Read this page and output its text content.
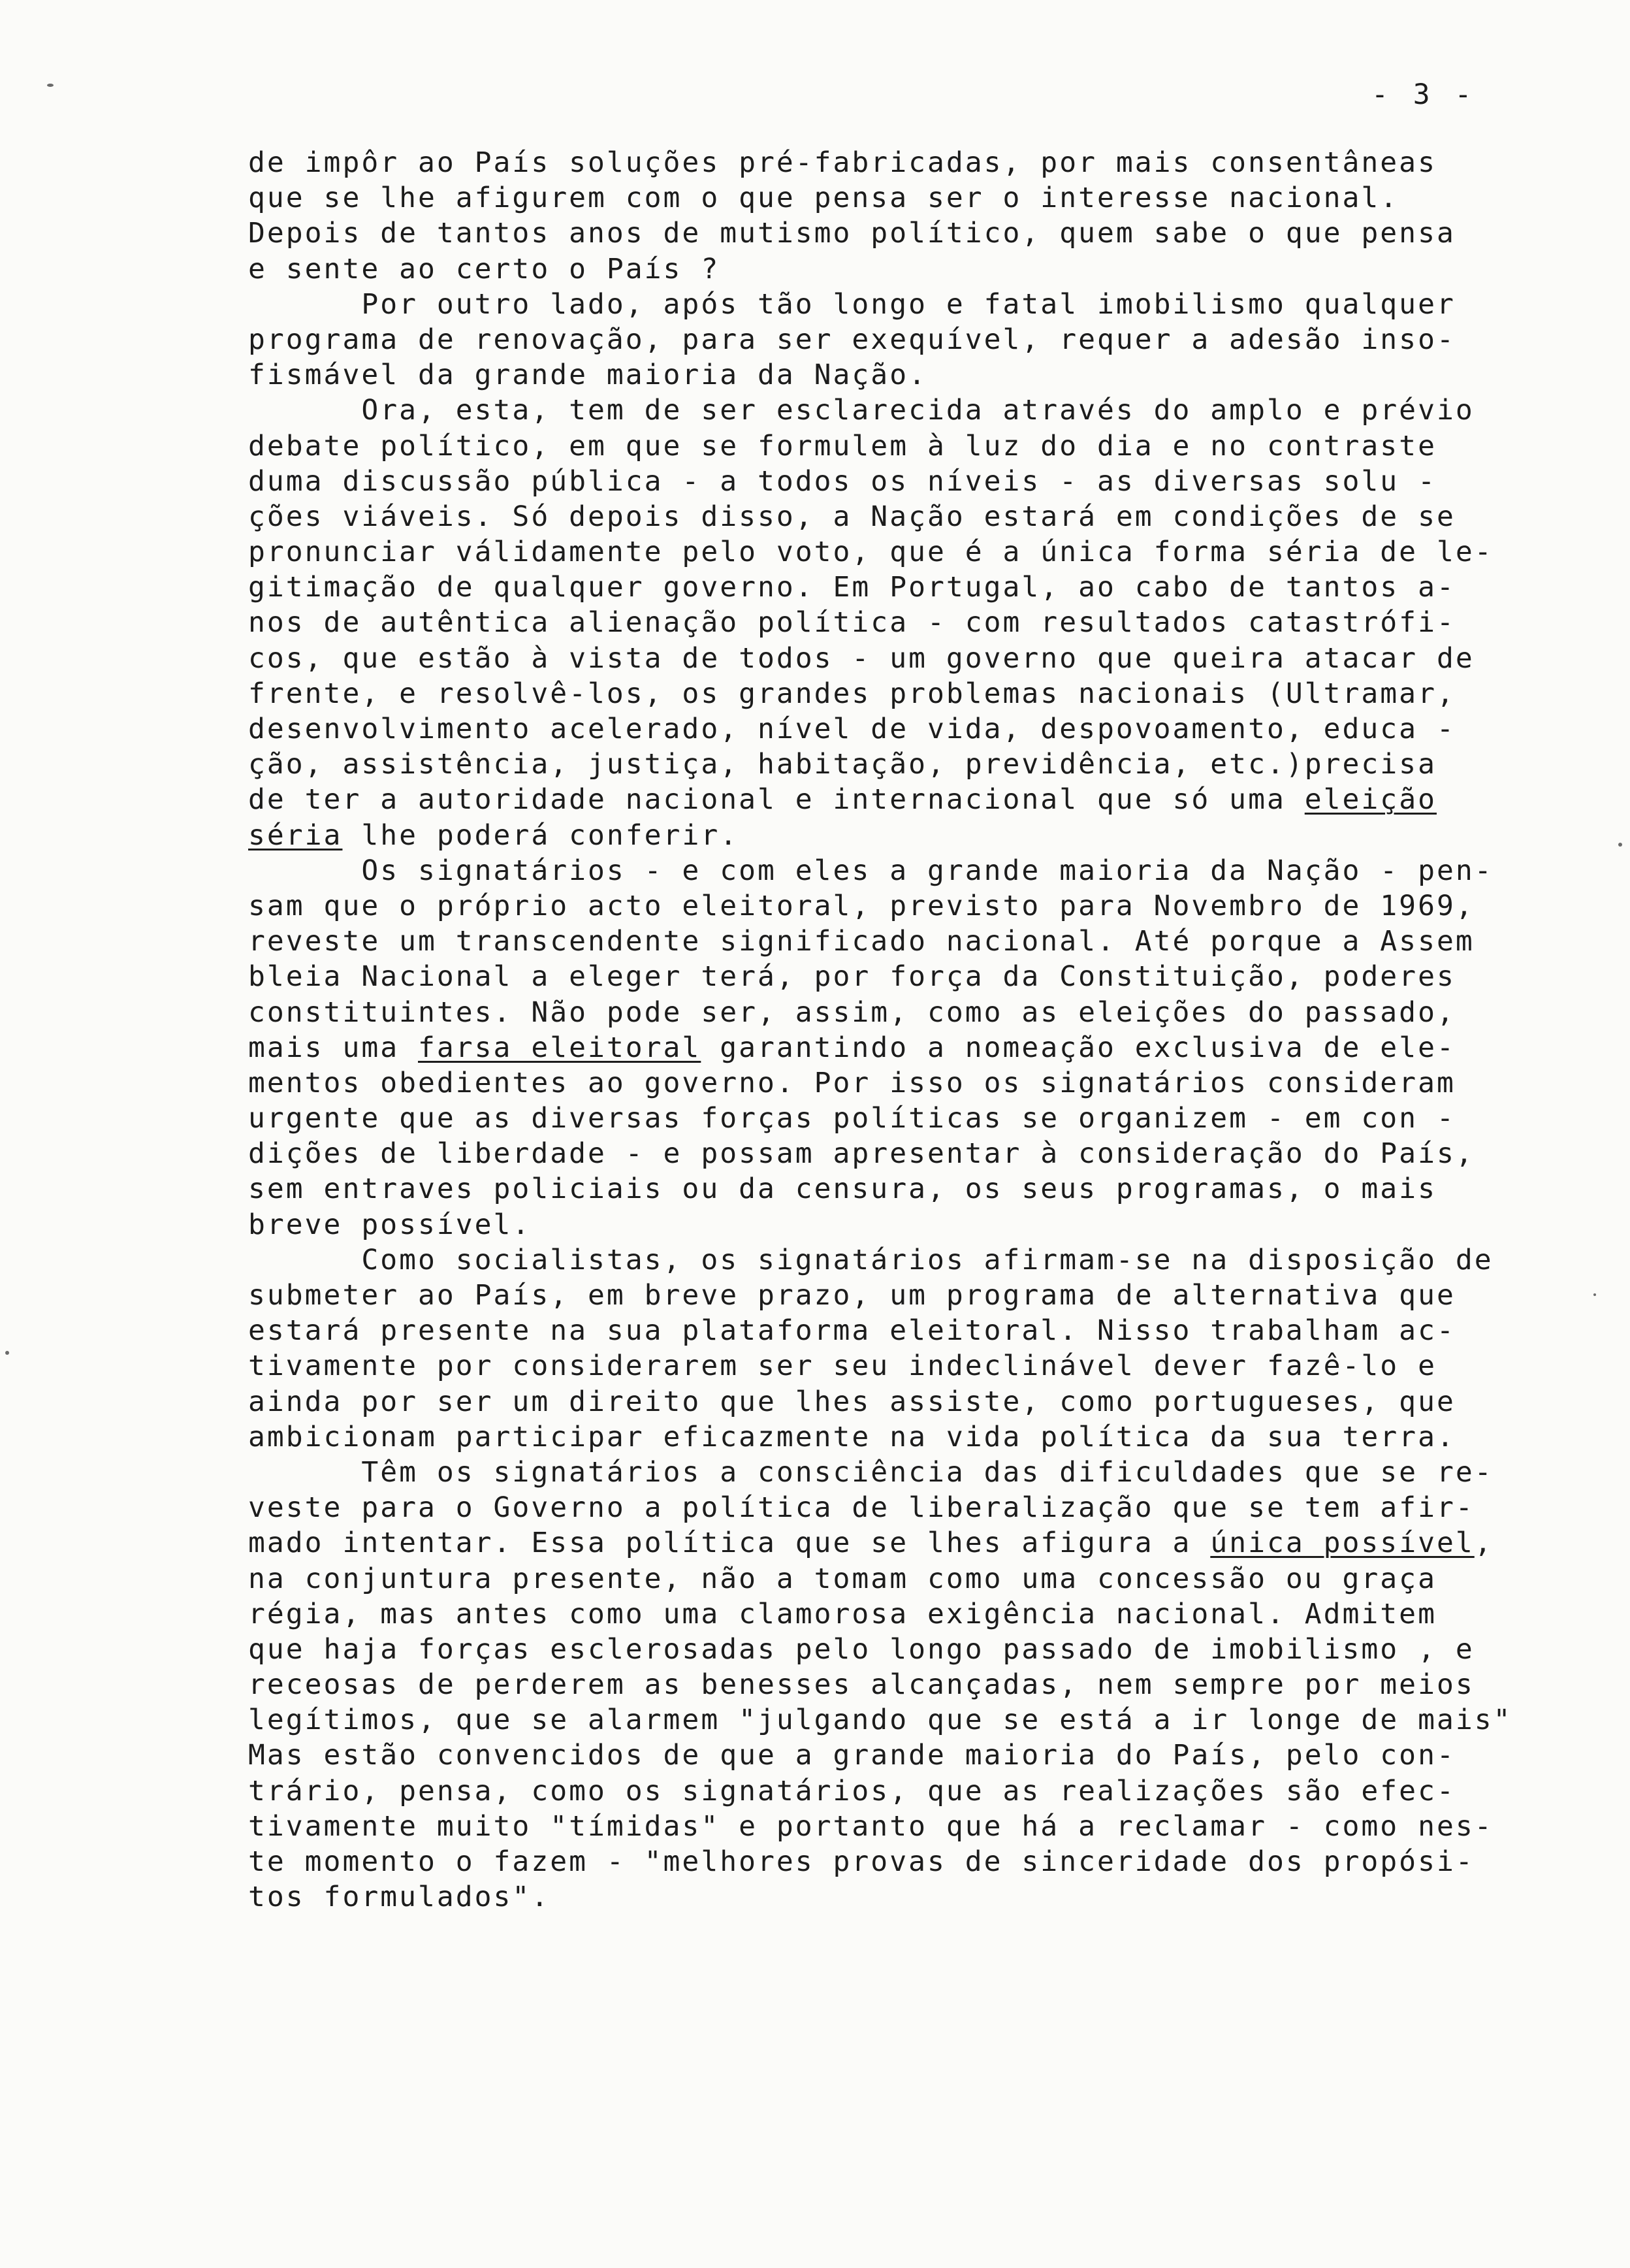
- 3 -
de impôr ao País soluções pré-fabricadas, por mais consentâneas
que se lhe afigurem com o que pensa ser o interesse nacional.
Depois de tantos anos de mutismo político, quem sabe o que pensa
e sente ao certo o País ?
Por outro lado, após tão longo e fatal imobilismo qualquer
programa de renovação, para ser exequível, requer a adesão inso-
fismável da grande maioria da Nação.
Ora, esta, tem de ser esclarecida através do amplo e prévio
debate político, em que se formulem à luz do dia e no contraste
duma discussão pública - a todos os níveis - as diversas solu -
ções viáveis. Só depois disso, a Nação estará em condições de se
pronunciar válidamente pelo voto, que é a única forma séria de le-
gitimação de qualquer governo. Em Portugal, ao cabo de tantos a-
nos de autêntica alienação política - com resultados catastrófi-
cos, que estão à vista de todos - um governo que queira atacar de
frente, e resolvê-los, os grandes problemas nacionais (Ultramar,
desenvolvimento acelerado, nível de vida, despovoamento, educa -
ção, assistência, justiça, habitação, previdência, etc.)precisa
de ter a autoridade nacional e internacional que só uma eleição
séria lhe poderá conferir.
Os signatários - e com eles a grande maioria da Nação - pen-
sam que o próprio acto eleitoral, previsto para Novembro de 1969,
reveste um transcendente significado nacional. Até porque a Assem
bleia Nacional a eleger terá, por força da Constituição, poderes
constituintes. Não pode ser, assim, como as eleições do passado,
mais uma farsa eleitoral garantindo a nomeação exclusiva de ele-
mentos obedientes ao governo. Por isso os signatários consideram
urgente que as diversas forças políticas se organizem - em con -
dições de liberdade - e possam apresentar à consideração do País,
sem entraves policiais ou da censura, os seus programas, o mais
breve possível.
Como socialistas, os signatários afirmam-se na disposição de
submeter ao País, em breve prazo, um programa de alternativa que
estará presente na sua plataforma eleitoral. Nisso trabalham ac-
tivamente por considerarem ser seu indeclinável dever fazê-lo e
ainda por ser um direito que lhes assiste, como portugueses, que
ambicionam participar eficazmente na vida política da sua terra.
Têm os signatários a consciência das dificuldades que se re-
veste para o Governo a política de liberalização que se tem afir-
mado intentar. Essa política que se lhes afigura a única possível,
na conjuntura presente, não a tomam como uma concessão ou graça
régia, mas antes como uma clamorosa exigência nacional. Admitem
que haja forças esclerosadas pelo longo passado de imobilismo , e
receosas de perderem as benesses alcançadas, nem sempre por meios
legítimos, que se alarmem "julgando que se está a ir longe de mais"
Mas estão convencidos de que a grande maioria do País, pelo con-
trário, pensa, como os signatários, que as realizações são efec-
tivamente muito "tímidas" e portanto que há a reclamar - como nes-
te momento o fazem - "melhores provas de sinceridade dos propósi-
tos formulados".
